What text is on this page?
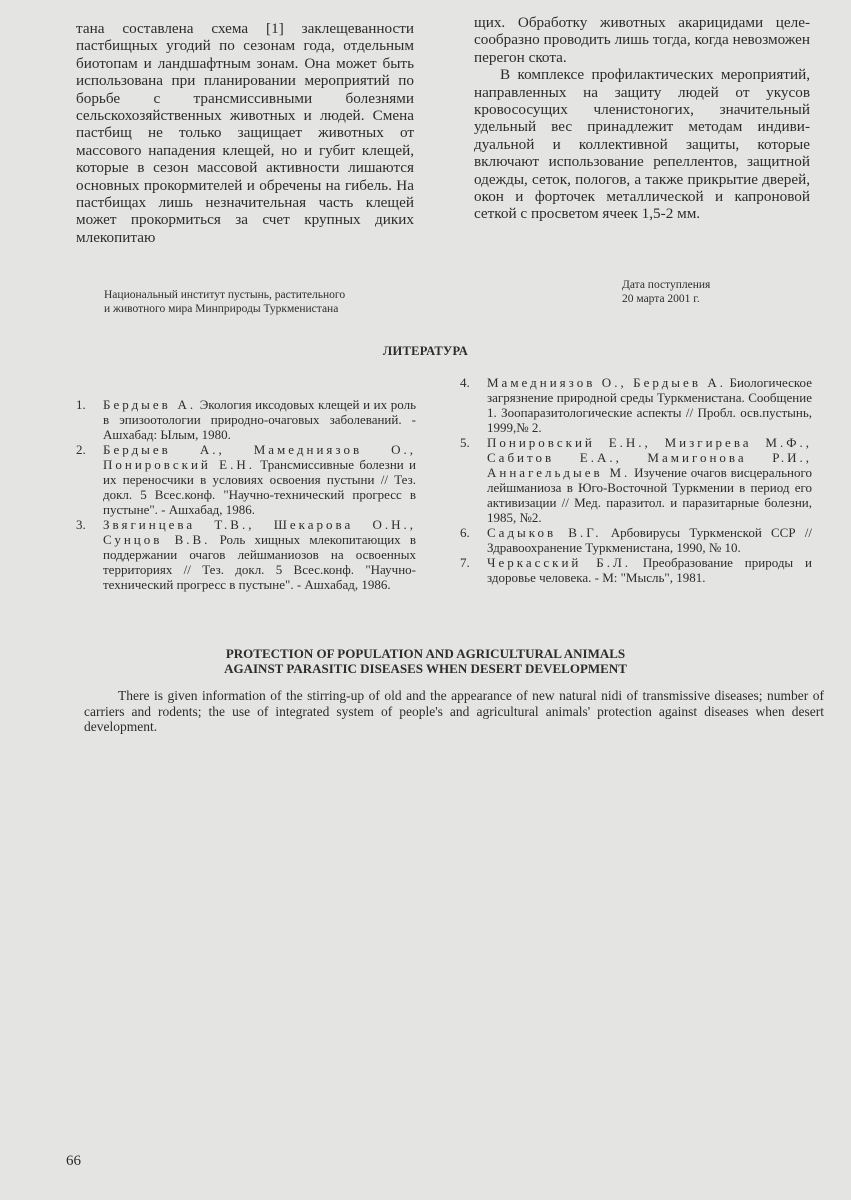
тана составлена схема [1] заклещеванности пастбищных угодий по сезонам года, отдельным биотопам и ландшафтным зонам. Она может быть использована при планировании мероприятий по борьбе с трансмиссивными болезнями сельскохозяйственных животных и людей. Смена пастбищ не только защищает животных от массового нападения клещей, но и губит клещей, которые в сезон массовой активности лишаются основных прокормителей и обречены на гибель. На пастбищах лишь незначительная часть клещей может прокормиться за счет крупных диких млекопитаю

щих. Обработку животных акарицидами целесообразно проводить лишь тогда, когда невозможен перегон скота.

В комплексе профилактических мероприятий, направленных на защиту людей от укусов кровососущих членистоногих, значительный удельный вес принадлежит методам индивидуальной и коллективной защиты, которые включают использование репеллентов, защитной одежды, сеток, пологов, а также прикрытие дверей, окон и форточек металлической и капроновой сеткой с просветом ячеек 1,5-2 мм.

Национальный институт пустынь, растительного
и животного мира Минприроды Туркменистана
Дата поступления
20 марта 2001 г.
ЛИТЕРАТУРА
1.	Бердыев А. Экология иксодовых клещей и их роль в эпизоотологии природно-очаговых заболеваний. - Ашхабад: Ылым, 1980.
2.	Бердыев А., Мамедниязов О., Пониpовский Е.Н. Трансмиссивные болезни и их переносчики в условиях освоения пустыни // Тез. докл. 5 Всес.конф. "Научно-технический прогресс в пустыне". - Ашхабад, 1986.
3.	Звягинцева Т.В., Шекарова О.Н., Сунцов В.В. Роль хищных млекопитающих в поддержании очагов лейшманиозов на освоенных территориях // Тез. докл. 5 Всес.конф. "Научно-технический прогресс в пустыне". - Ашхабад, 1986.
4.	Мамедниязов О., Бердыев А. Биологическое загрязнение природной среды Туркменистана. Сообщение 1. Зоопаразитологические аспекты // Пробл. осв.пустынь, 1999,№ 2.
5.	Пониpовский Е.Н., Мизгирева М.Ф., Сабитов Е.А., Мамигонова Р.И., Аннагельдыев М. Изучение очагов висцерального лейшманиоза в Юго-Восточной Туркмении в период его активизации // Мед. паразитол. и паразитарные болезни, 1985, №2.
6.	Садыков В.Г. Арбовирусы Туркменской ССР // Здравоохранение Туркменистана, 1990, № 10.
7.	Черкасский Б.Л. Преобразование природы и здоровье человека. - М: "Мысль", 1981.
PROTECTION OF POPULATION AND AGRICULTURAL ANIMALS
AGAINST PARASITIC DISEASES WHEN DESERT DEVELOPMENT

There is given information of the stirring-up of old and the appearance of new natural nidi of transmissive diseases; number of carriers and rodents; the use of integrated system of people's and agricultural animals' protection against diseases when desert development.

66
